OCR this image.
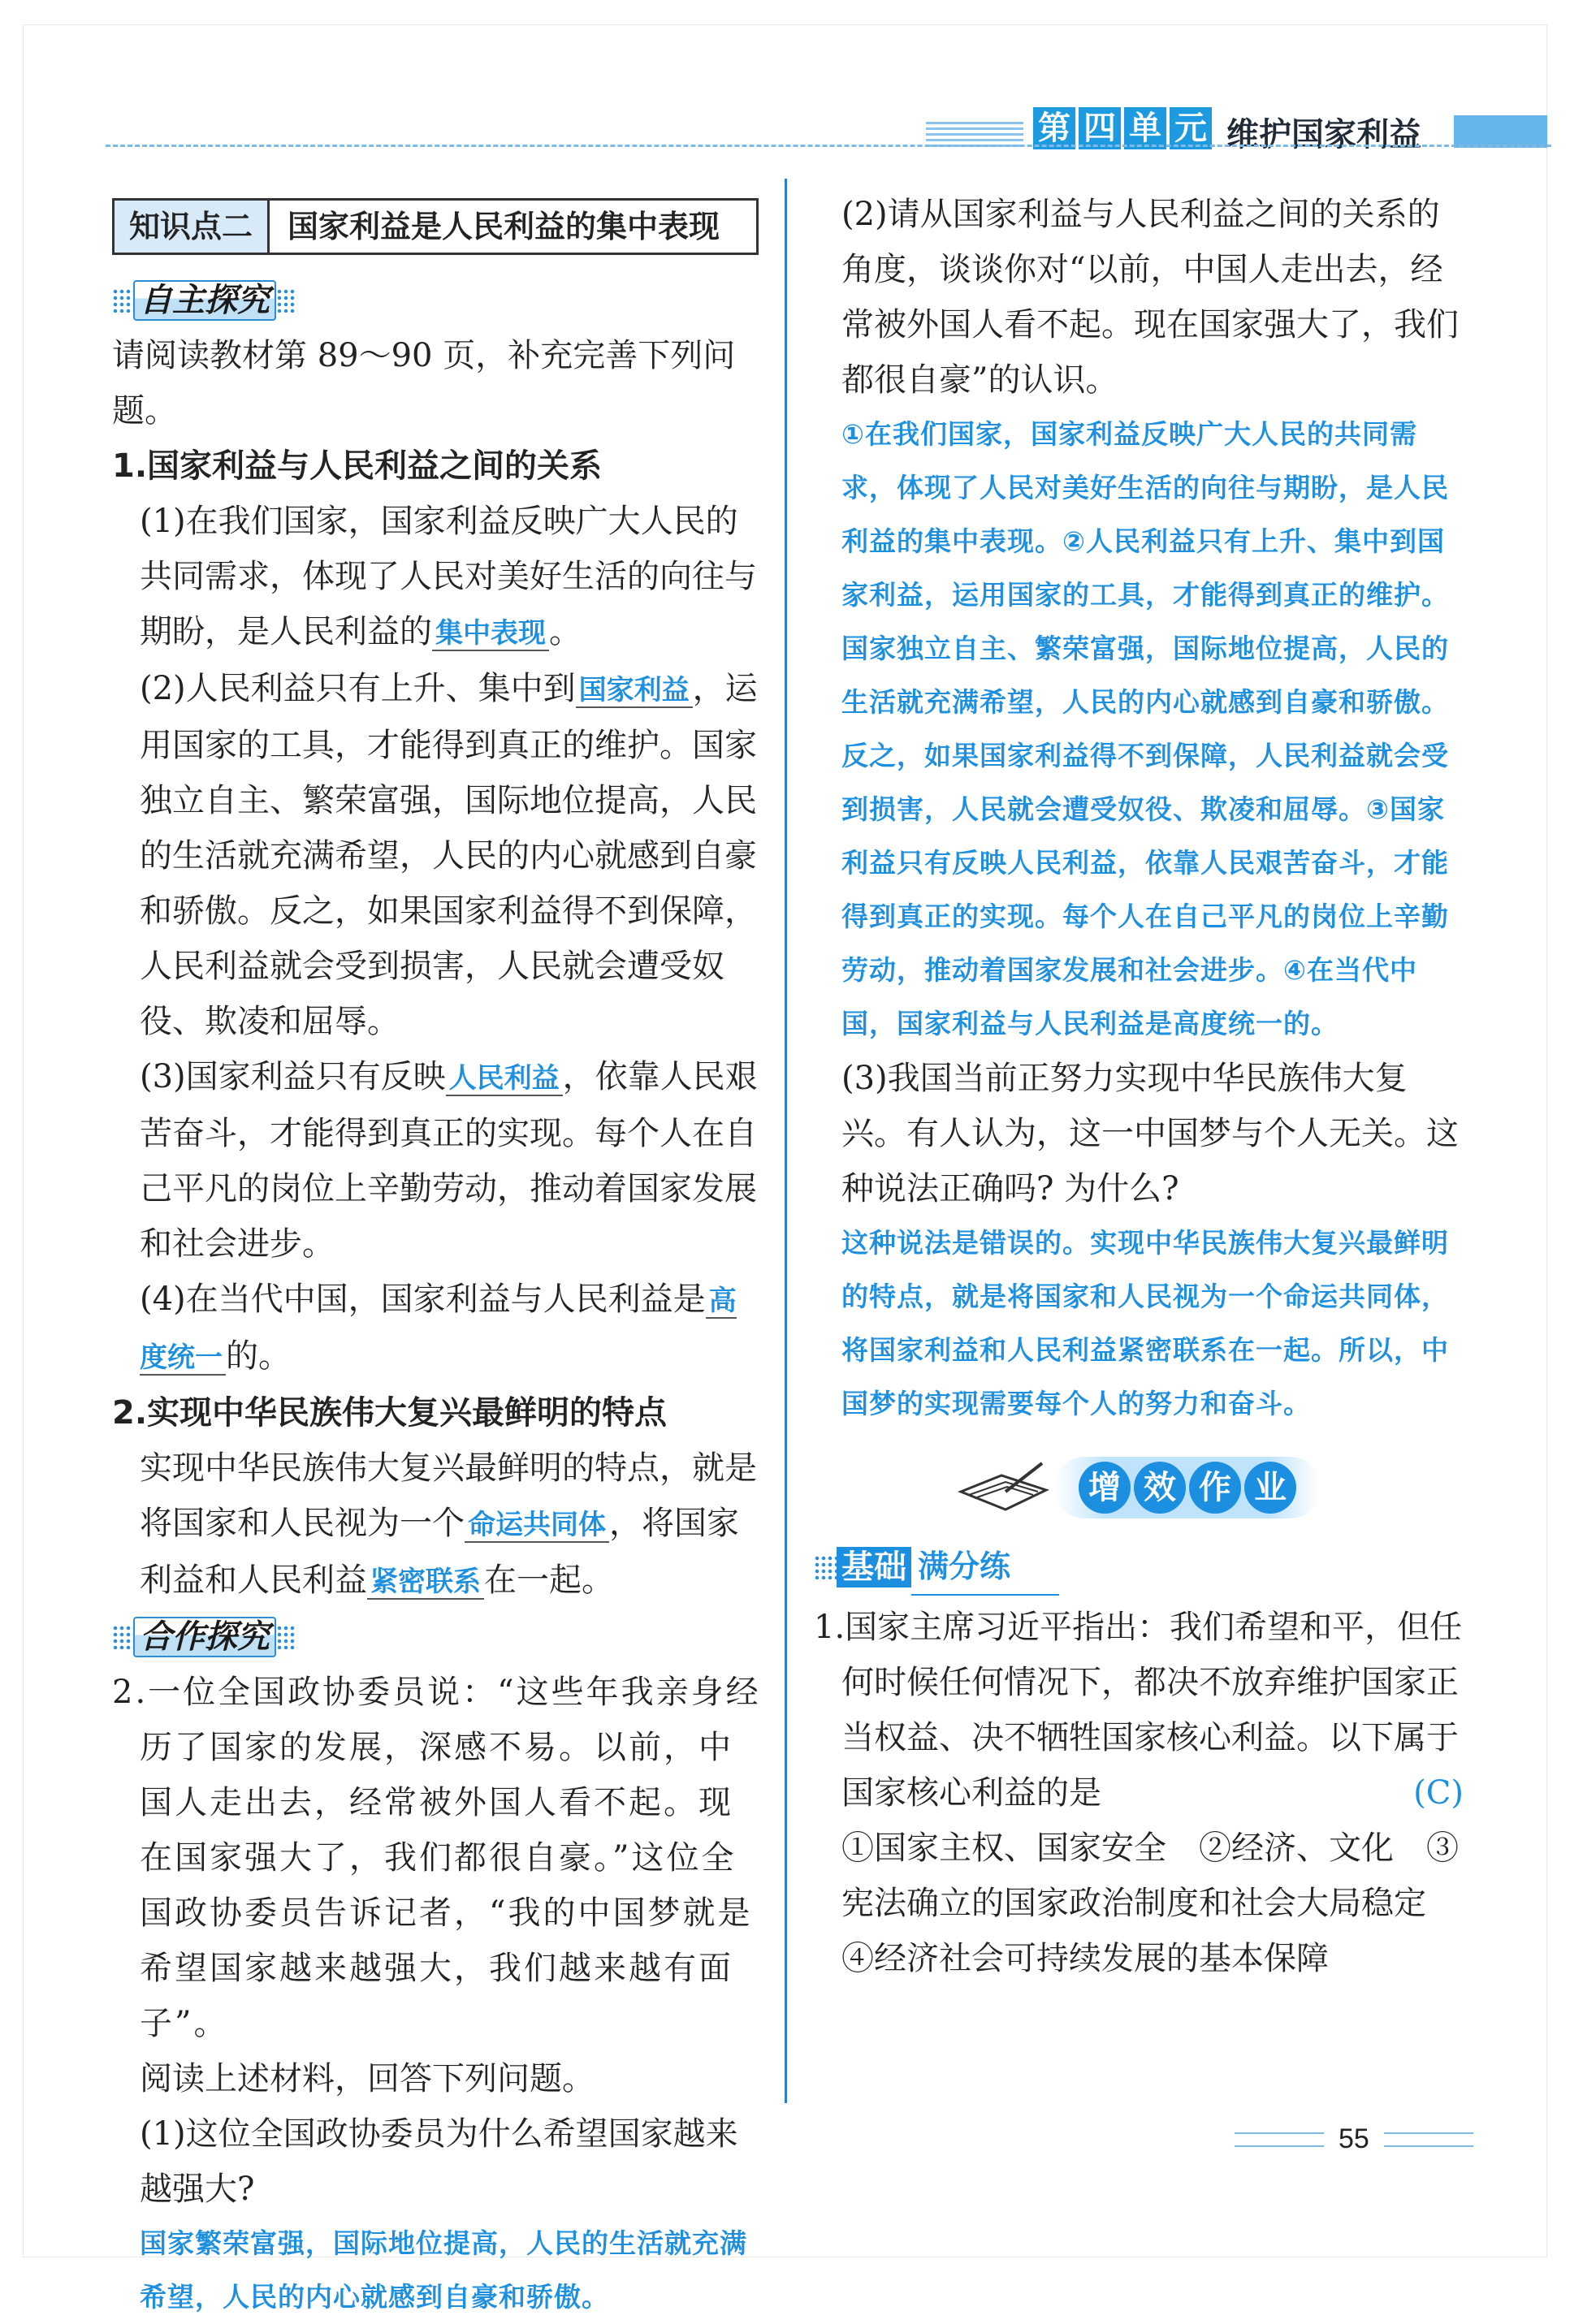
第 四 单 元 维护国家利益
知识点二	国家利益是人民利益的集中表现
自主探究

请阅读教材第 89～90 页，补充完善下列问题。

1.国家利益与人民利益之间的关系

(1)在我们国家，国家利益反映广大人民的共同需求，体现了人民对美好生活的向往与期盼，是人民利益的 集中表现 。

(2)人民利益只有上升、集中到 国家利益 ，运用国家的工具，才能得到真正的维护。国家独立自主、繁荣富强，国际地位提高，人民的生活就充满希望，人民的内心就感到自豪和骄傲。反之，如果国家利益得不到保障，人民利益就会受到损害，人民就会遭受奴役、欺凌和屈辱。

(3)国家利益只有反映 人民利益 ，依靠人民艰苦奋斗，才能得到真正的实现。每个人在自己平凡的岗位上辛勤劳动，推动着国家发展和社会进步。

(4)在当代中国，国家利益与人民利益是 高度统一 的。

2.实现中华民族伟大复兴最鲜明的特点

实现中华民族伟大复兴最鲜明的特点，就是将国家和人民视为一个 命运共同体 ，将国家利益和人民利益 紧密联系 在一起。

合作探究

2.一位全国政协委员说：“这些年我亲身经历了国家的发展，深感不易。以前，中国人走出去，经常被外国人看不起。现在国家强大了，我们都很自豪。”这位全国政协委员告诉记者，“我的中国梦就是希望国家越来越强大，我们越来越有面子”。

阅读上述材料，回答下列问题。

(1)这位全国政协委员为什么希望国家越来越强大?

国家繁荣富强，国际地位提高，人民的生活就充满希望，人民的内心就感到自豪和骄傲。

(2)请从国家利益与人民利益之间的关系的角度，谈谈你对“以前，中国人走出去，经常被外国人看不起。现在国家强大了，我们都很自豪”的认识。

①在我们国家，国家利益反映广大人民的共同需求，体现了人民对美好生活的向往与期盼，是人民利益的集中表现。②人民利益只有上升、集中到国家利益，运用国家的工具，才能得到真正的维护。国家独立自主、繁荣富强，国际地位提高，人民的生活就充满希望，人民的内心就感到自豪和骄傲。反之，如果国家利益得不到保障，人民利益就会受到损害，人民就会遭受奴役、欺凌和屈辱。③国家利益只有反映人民利益，依靠人民艰苦奋斗，才能得到真正的实现。每个人在自己平凡的岗位上辛勤劳动，推动着国家发展和社会进步。④在当代中国，国家利益与人民利益是高度统一的。

(3)我国当前正努力实现中华民族伟大复兴。有人认为，这一中国梦与个人无关。这种说法正确吗? 为什么?

这种说法是错误的。实现中华民族伟大复兴最鲜明的特点，就是将国家和人民视为一个命运共同体，将国家利益和人民利益紧密联系在一起。所以，中国梦的实现需要每个人的努力和奋斗。

增 效 作 业
基础 满分练

1.国家主席习近平指出：我们希望和平，但任何时候任何情况下，都决不放弃维护国家正当权益、决不牺牲国家核心利益。以下属于国家核心利益的是	(C)

①国家主权、国家安全　②经济、文化　③宪法确立的国家政治制度和社会大局稳定　④经济社会可持续发展的基本保障

55
